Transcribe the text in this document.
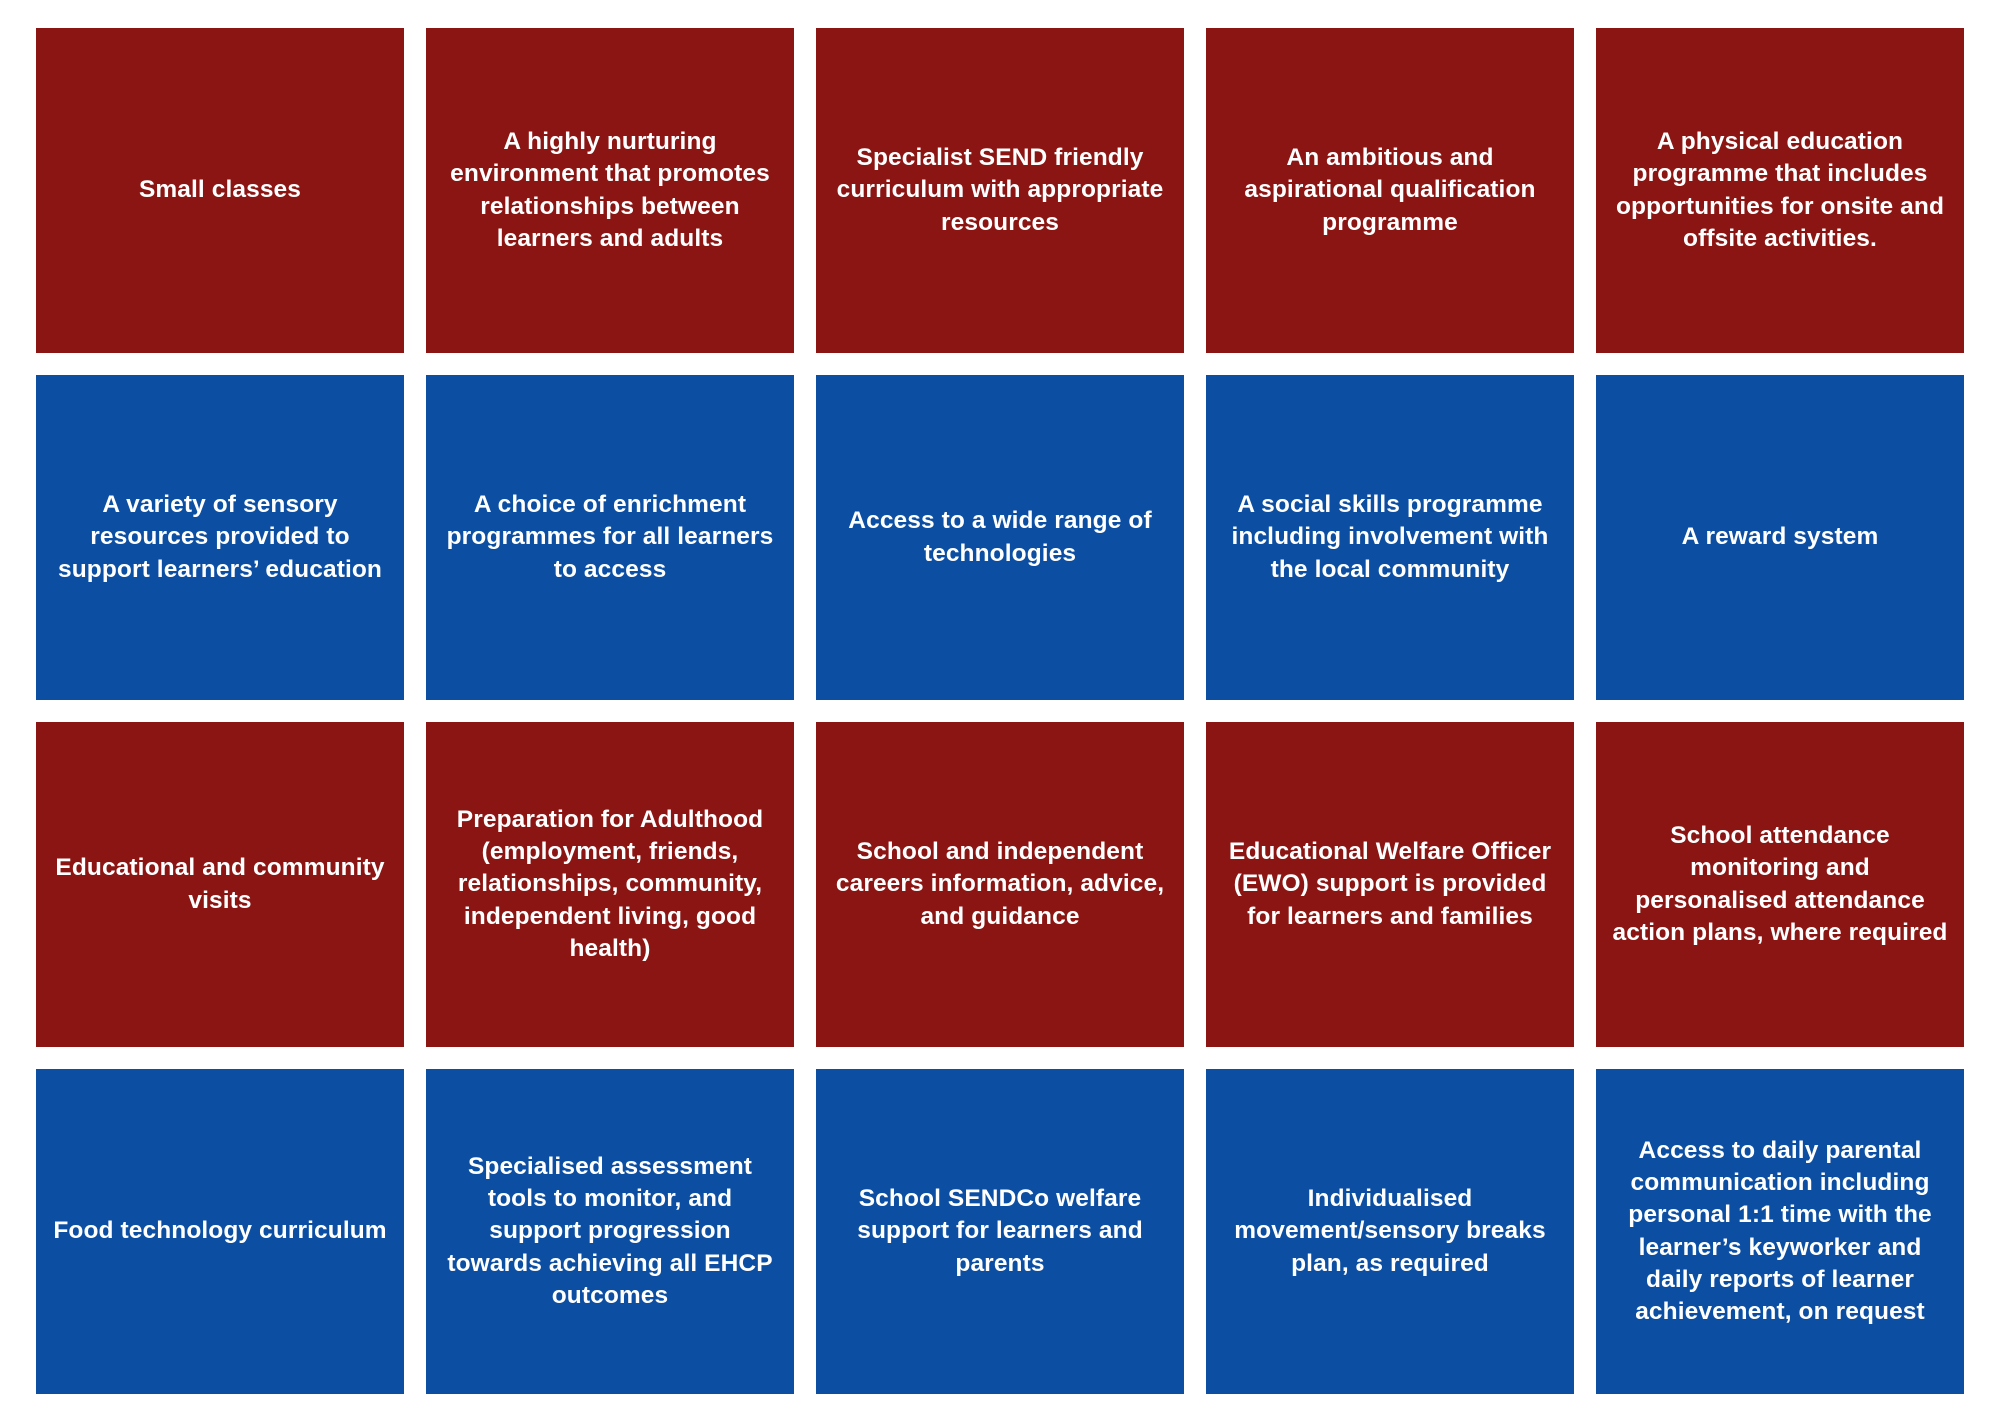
Small classes
A highly nurturing environment that promotes relationships between learners and adults
Specialist SEND friendly curriculum with appropriate resources
An ambitious and aspirational qualification programme
A physical education programme that includes opportunities for onsite and offsite activities.
A variety of sensory resources provided to support learners’ education
A choice of enrichment programmes for all learners to access
Access to a wide range of technologies
A social skills programme including involvement with the local community
A reward system
Educational and community visits
Preparation for Adulthood (employment, friends, relationships, community, independent living, good health)
School and independent careers information, advice, and guidance
Educational Welfare Officer (EWO) support is provided for learners and families
School attendance monitoring and personalised attendance action plans, where required
Food technology curriculum
Specialised assessment tools to monitor, and support progression towards achieving all EHCP outcomes
School SENDCo welfare support for learners and parents
Individualised movement/sensory breaks plan, as required
Access to daily parental communication including personal 1:1 time with the learner’s keyworker and daily reports of learner achievement, on request
